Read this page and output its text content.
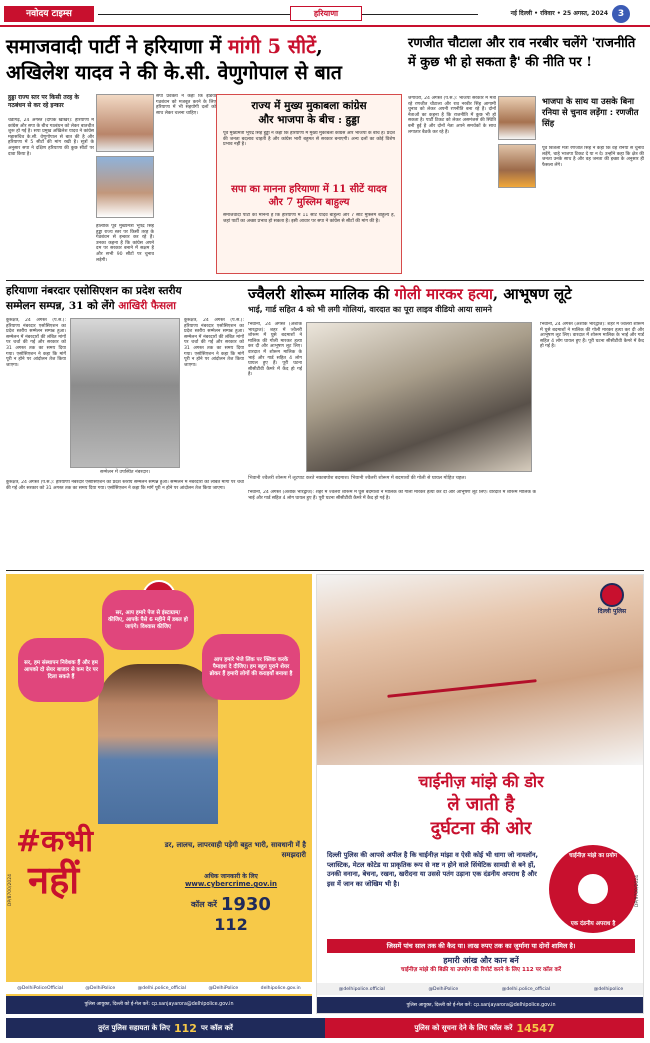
नवोदय टाइम्स	हरियाणा	नई दिल्ली • रविवार • 25 अगस्त, 2024	3
समाजवादी पार्टी ने हरियाणा में मांगी 5 सीटें,
अखिलेश यादव ने की के.सी. वेणुगोपाल से बात
हुड्डा राज्य स्तर पर किसी तरह के गठबंधन से कर रहे इन्कार
चंडीगढ़, 24 अगस्त (दीपक खोखर): हरियाणा में कांग्रेस और सपा के बीच गठबंधन को लेकर बातचीत शुरू हो गई है। सपा प्रमुख अखिलेश यादव ने कांग्रेस महासचिव के.सी. वेणुगोपाल से बात की है और हरियाणा में 5 सीटों की मांग रखी है। सूत्रों के अनुसार सपा ने दक्षिण हरियाणा की कुछ सीटों पर दावा किया है।
हालांकि पूर्व मुख्यमंत्री भूपेंद्र सिंह हुड्डा राज्य स्तर पर किसी तरह के गठबंधन से इन्कार कर रहे हैं। उनका कहना है कि कांग्रेस अपने दम पर सरकार बनाने में सक्षम है और सभी 90 सीटों पर चुनाव लड़ेगी।
सपा प्रवक्ता ने कहा कि इंडिया गठबंधन को मजबूत करने के लिए हरियाणा में भी सहयोगी दलों को साथ लेकर चलना चाहिए।
राज्य में मुख्य मुकाबला कांग्रेस
और भाजपा के बीच : हुड्डा
पूर्व मुख्यमंत्री भूपेंद्र सिंह हुड्डा ने कहा कि हरियाणा में मुख्य मुकाबला कांग्रेस और भाजपा के बीच है। प्रदेश की जनता बदलाव चाहती है और कांग्रेस भारी बहुमत से सरकार बनाएगी। अन्य दलों का कोई विशेष प्रभाव नहीं है।
सपा का मानना हरियाणा में 11 सीटें यादव और 7 मुस्लिम बाहुल्य
समाजवादी पार्टी का मानना है कि हरियाणा में 11 सीटें यादव बाहुल्य और 7 सीटें मुस्लिम बाहुल्य हैं, जहां पार्टी का अच्छा प्रभाव हो सकता है। इसी आधार पर सपा ने कांग्रेस से सीटों की मांग की है।
रणजीत चौटाला और राव नरबीर चलेंगे 'राजनीति में कुछ भी हो सकता है' की नीति पर !
जगाधरी, 24 अगस्त (प.स.): भाजपा सरकार में मंत्री रहे रणजीत चौटाला और राव नरबीर सिंह आगामी चुनाव को लेकर अपनी रणनीति बना रहे हैं। दोनों नेताओं का कहना है कि राजनीति में कुछ भी हो सकता है। पार्टी टिकट को लेकर असमंजस की स्थिति बनी हुई है और दोनों नेता अपने समर्थकों के साथ लगातार बैठकें कर रहे हैं।
भाजपा के साथ या उसके बिना रनिया से चुनाव लड़ेंगा : रणजीत सिंह
पूर्व बिजली मंत्री रणजीत सिंह ने कहा कि वह रनिया से चुनाव लड़ेंगे, चाहे भाजपा टिकट दे या न दे। उन्होंने कहा कि क्षेत्र की जनता उनके साथ है और वह जनता की इच्छा के अनुसार ही फैसला लेंगे।
हरियाणा नंबरदार एसोसिएशन का प्रदेश स्तरीय
सम्मेलन सम्पन्न, 31 को लेंगे आखिरी फैसला
कुरुक्षेत्र, 24 अगस्त (प.स.): हरियाणा नंबरदार एसोसिएशन का प्रदेश स्तरीय सम्मेलन सम्पन्न हुआ। सम्मेलन में नंबरदारों की लंबित मांगों पर चर्चा की गई और सरकार को 31 अगस्त तक का समय दिया गया। एसोसिएशन ने कहा कि मांगें पूरी न होने पर आंदोलन तेज किया जाएगा।
सम्मेलन में उपस्थित नंबरदार।
कुरुक्षेत्र, 24 अगस्त (प.स.): हरियाणा नंबरदार एसोसिएशन का प्रदेश स्तरीय सम्मेलन सम्पन्न हुआ। सम्मेलन में नंबरदारों की लंबित मांगों पर चर्चा की गई और सरकार को 31 अगस्त तक का समय दिया गया। एसोसिएशन ने कहा कि मांगें पूरी न होने पर आंदोलन तेज किया जाएगा।
कुरुक्षेत्र, 24 अगस्त (प.स.): हरियाणा नंबरदार एसोसिएशन का प्रदेश स्तरीय सम्मेलन सम्पन्न हुआ। सम्मेलन में नंबरदारों की लंबित मांगों पर चर्चा की गई और सरकार को 31 अगस्त तक का समय दिया गया। एसोसिएशन ने कहा कि मांगें पूरी न होने पर आंदोलन तेज किया जाएगा।
ज्वैलरी शोरूम मालिक की गोली मारकर हत्या, आभूषण लूटे
भाई, गार्ड सहित 4 को भी लगी गोलियां, वारदात का पूरा लाइव वीडियो आया सामने
भिवानी, 24 अगस्त (अशोक भारद्वाज): शहर में ज्वैलरी शोरूम में घुसे बदमाशों ने मालिक की गोली मारकर हत्या कर दी और आभूषण लूट लिए। वारदात में शोरूम मालिक के भाई और गार्ड सहित 4 लोग घायल हुए हैं। पूरी घटना सीसीटीवी कैमरे में कैद हो गई है।
भिवानी ज्वैलरी शोरूम में लूटपाट करते नकाबपोश बदमाश। भिवानी ज्वैलरी शोरूम में बदमाशों की गोली से घायल मोहित चहल।
भिवानी, 24 अगस्त (अशोक भारद्वाज): शहर में ज्वैलरी शोरूम में घुसे बदमाशों ने मालिक की गोली मारकर हत्या कर दी और आभूषण लूट लिए। वारदात में शोरूम मालिक के भाई और गार्ड सहित 4 लोग घायल हुए हैं। पूरी घटना सीसीटीवी कैमरे में कैद हो गई है।
भिवानी, 24 अगस्त (अशोक भारद्वाज): शहर में ज्वैलरी शोरूम में घुसे बदमाशों ने मालिक की गोली मारकर हत्या कर दी और आभूषण लूट लिए। वारदात में शोरूम मालिक के भाई और गार्ड सहित 4 लोग घायल हुए हैं। पूरी घटना सीसीटीवी कैमरे में कैद हो गई है।
सर, आप हमारे पेज से इंस्टाग्राम/कीजिए, आपके पैसे 6 महीने में डबल हो जाएंगे। विश्वास कीजिए
सर, हम संस्थापन निवेशक हैं और हम आपको दो सेयर बाजार से कम देर पर दिला सकते हैं
आप हमारे भेजे लिंक पर क्लिक करके पैमाइश दे दीजिए। हम बहुत पुराने शेयर ब्रोकर हैं हमारी लोगों की कराइयाँ बनाया है
#कभी
नहीं
डर, लालच, लापरवाही पड़ेगी बहुत भारी, सावधानी में है समझदारी
अधिक जानकारी के लिए
www.cybercrime.gov.in
कॉल करें 1930
112
DP/8700/2024
@DelhiPoliceOfficial	@DelhiPolice	@delhi.police_official	@DelhiPolice	delhipolice.gov.in
पुलिस आयुक्त, दिल्ली को ई-मेल करें: cp.sanjayarora@delhipolice.gov.in
दिल्ली पुलिस
चाईनीज़ मांझे की डोर
ले जाती है
दुर्घटना की ओर
दिल्ली पुलिस की आपसे अपील है कि चाईनीज़ मांझा व ऐसी कोई भी धागा जो नायलॉन, प्लास्टिक, मेटल कोटेड या प्राकृतिक रूप से नष्ट न होने वाले सिंथेटिक सामग्री से बने हों, उनकी वनाना, बेचना, रखना, खरीदना या उससे पतंग उड़ाना एक दंडनीय अपराध है और इस में जान का जोखिम भी है।
चाईनीज़ मांझे का प्रयोग
एक दंडनीय अपराध है
जिसमें पांच साल तक की कैद या। लाख रुपए तक का जुर्माना या दोनों शामिल है।
हमारी आंख और कान बनें
चाईनीज़ मांझे की बिक्री या उपयोग की रिपोर्ट करने के लिए 112 पर कॉल करें
DP/9700/2024
@delhipolice.official	@DelhiPolice	@delhi.police_official	@delhipolice
पुलिस आयुक्त, दिल्ली को ई-मेल करें: cp.sanjayarora@delhipolice.gov.in
तुरंत पुलिस सहायता के लिए 112 पर कॉल करें	पुलिस को सूचना देने के लिए कॉल करें 14547
